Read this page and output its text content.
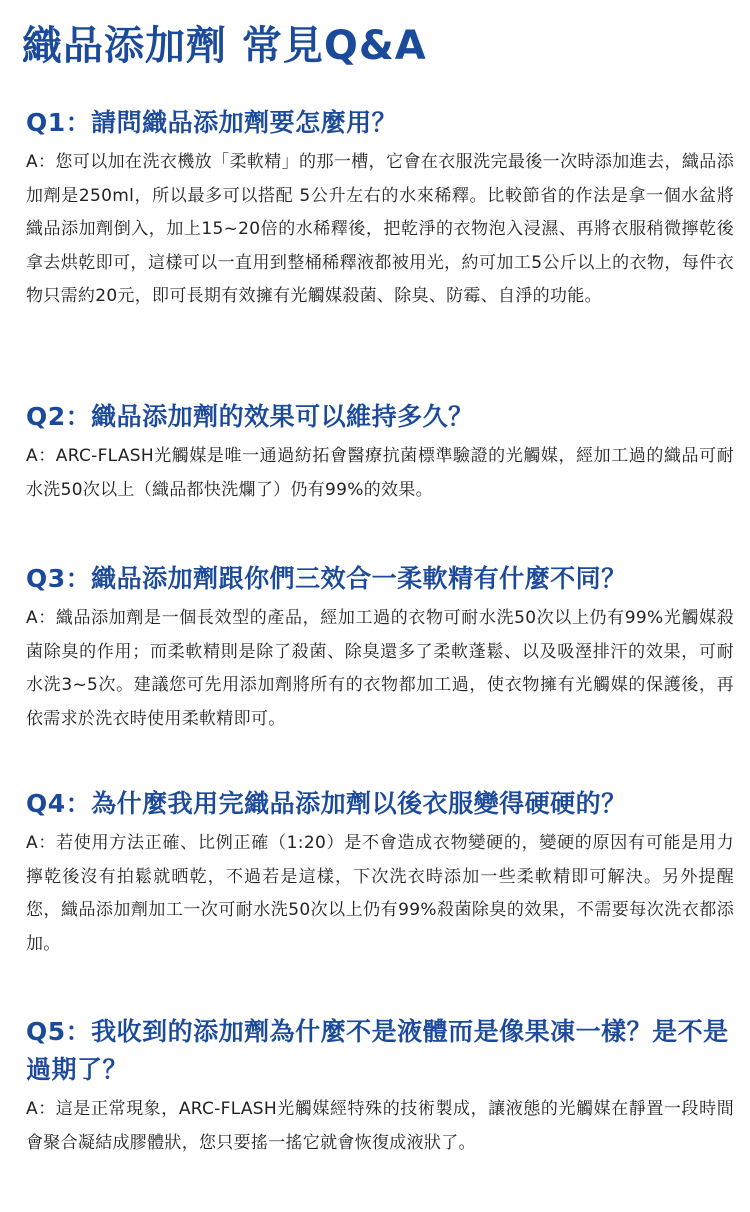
織品添加劑 常見Q&A
Q1：請問織品添加劑要怎麼用？

A：您可以加在洗衣機放「柔軟精」的那一槽，它會在衣服洗完最後一次時添加進去，織品添加劑是250ml，所以最多可以搭配 5公升左右的水來稀釋。比較節省的作法是拿一個水盆將織品添加劑倒入，加上15~20倍的水稀釋後，把乾淨的衣物泡入浸濕、再將衣服稍微擰乾後拿去烘乾即可，這樣可以一直用到整桶稀釋液都被用光，約可加工5公斤以上的衣物，每件衣物只需約20元，即可長期有效擁有光觸媒殺菌、除臭、防霉、自淨的功能。

Q2：織品添加劑的效果可以維持多久？

A：ARC-FLASH光觸媒是唯一通過紡拓會醫療抗菌標準驗證的光觸媒，經加工過的織品可耐水洗50次以上（織品都快洗爛了）仍有99%的效果。

Q3：織品添加劑跟你們三效合一柔軟精有什麼不同？

A：織品添加劑是一個長效型的產品，經加工過的衣物可耐水洗50次以上仍有99%光觸媒殺菌除臭的作用；而柔軟精則是除了殺菌、除臭還多了柔軟蓬鬆、以及吸溼排汗的效果，可耐水洗3~5次。建議您可先用添加劑將所有的衣物都加工過，使衣物擁有光觸媒的保護後，再依需求於洗衣時使用柔軟精即可。

Q4：為什麼我用完織品添加劑以後衣服變得硬硬的？

A：若使用方法正確、比例正確（1:20）是不會造成衣物變硬的，變硬的原因有可能是用力擰乾後沒有拍鬆就晒乾，不過若是這樣，下次洗衣時添加一些柔軟精即可解決。另外提醒您，織品添加劑加工一次可耐水洗50次以上仍有99%殺菌除臭的效果，不需要每次洗衣都添加。

Q5：我收到的添加劑為什麼不是液體而是像果凍一樣？是不是過期了？

A：這是正常現象，ARC-FLASH光觸媒經特殊的技術製成，讓液態的光觸媒在靜置一段時間會聚合凝結成膠體狀，您只要搖一搖它就會恢復成液狀了。
